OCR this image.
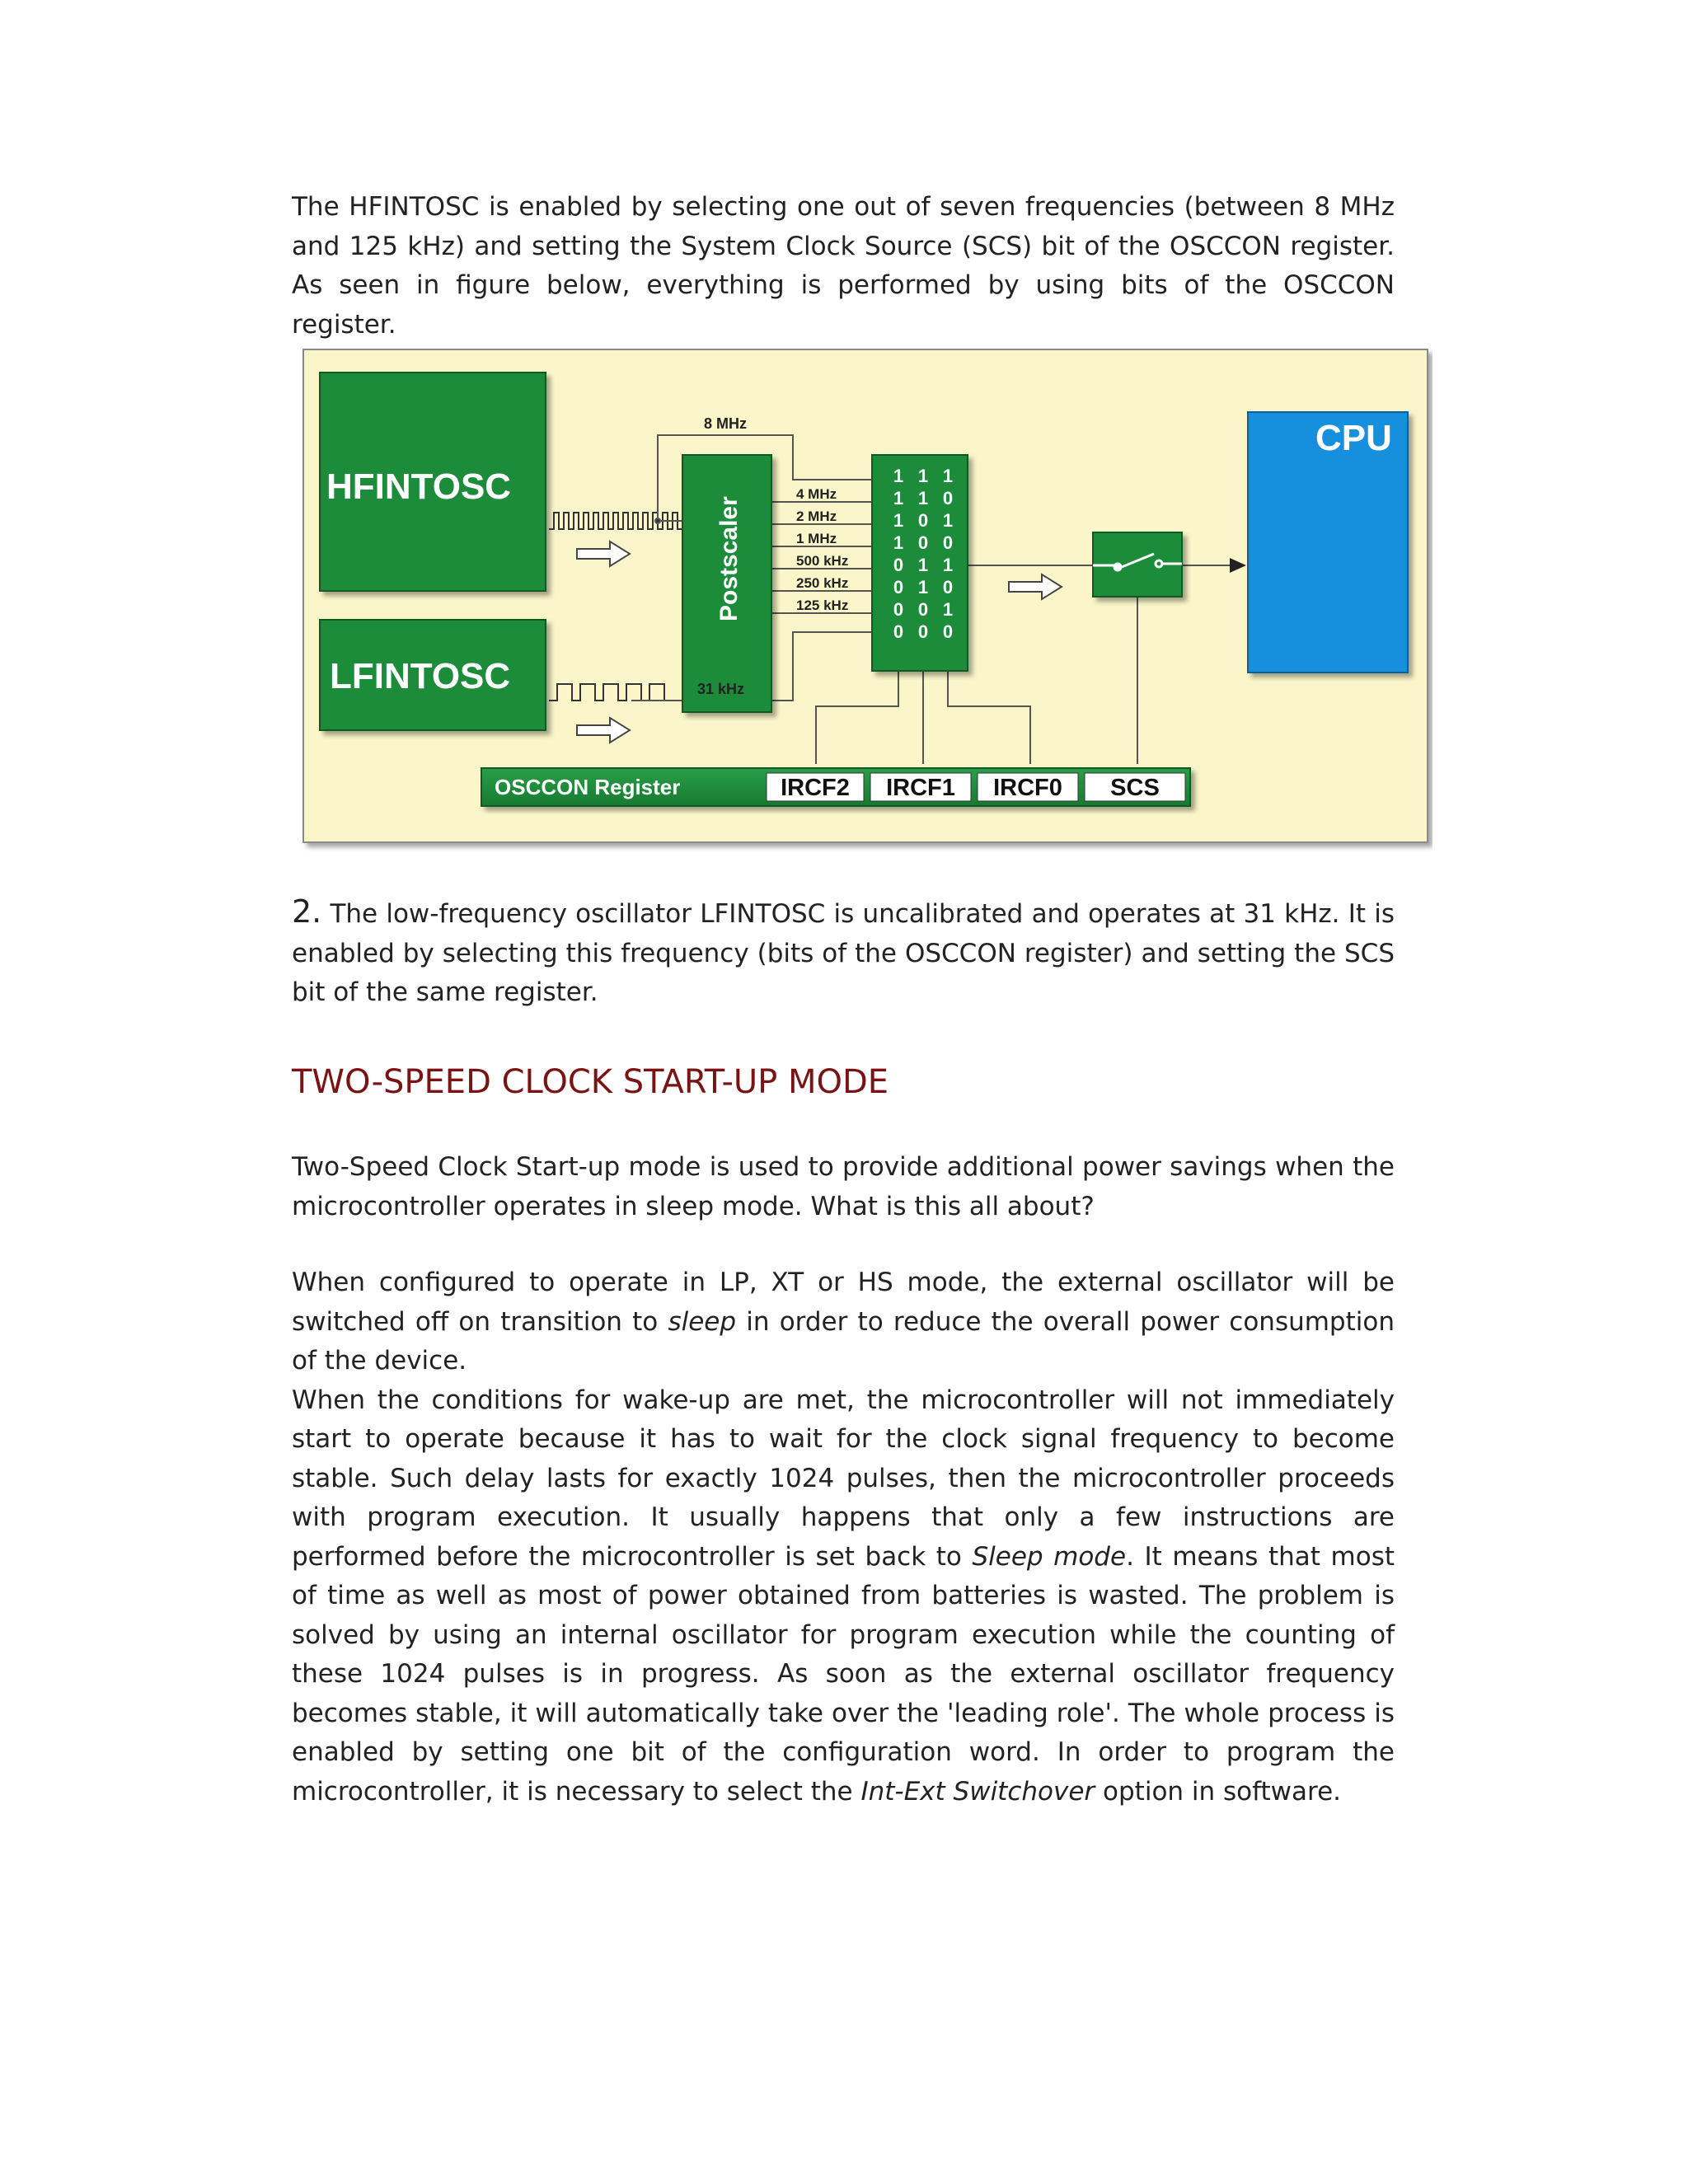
The HFINTOSC is enabled by selecting one out of seven frequencies (between 8 MHz and 125 kHz) and setting the System Clock Source (SCS) bit of the OSCCON register. As seen in figure below, everything is performed by using bits of the OSCCON register.

HFINTOSC
LFINTOSC
Postscaler
8 MHz
31 kHz
4 MHz
2 MHz
1 MHz
500 kHz
250 kHz
125 kHz
1 1 1
1 1 0
1 0 1
1 0 0
0 1 1
0 1 0
0 0 1
0 0 0
CPU
OSCCON Register	IRCF2 IRCF1 IRCF0 SCS

2. The low-frequency oscillator LFINTOSC is uncalibrated and operates at 31 kHz. It is enabled by selecting this frequency (bits of the OSCCON register) and setting the SCS bit of the same register.

TWO-SPEED CLOCK START-UP MODE

Two-Speed Clock Start-up mode is used to provide additional power savings when the microcontroller operates in sleep mode. What is this all about?

When configured to operate in LP, XT or HS mode, the external oscillator will be switched off on transition to sleep in order to reduce the overall power consumption of the device.
When the conditions for wake-up are met, the microcontroller will not immediately start to operate because it has to wait for the clock signal frequency to become stable. Such delay lasts for exactly 1024 pulses, then the microcontroller proceeds with program execution. It usually happens that only a few instructions are performed before the microcontroller is set back to Sleep mode. It means that most of time as well as most of power obtained from batteries is wasted. The problem is solved by using an internal oscillator for program execution while the counting of these 1024 pulses is in progress. As soon as the external oscillator frequency becomes stable, it will automatically take over the 'leading role'. The whole process is enabled by setting one bit of the configuration word. In order to program the microcontroller, it is necessary to select the Int-Ext Switchover option in software.
